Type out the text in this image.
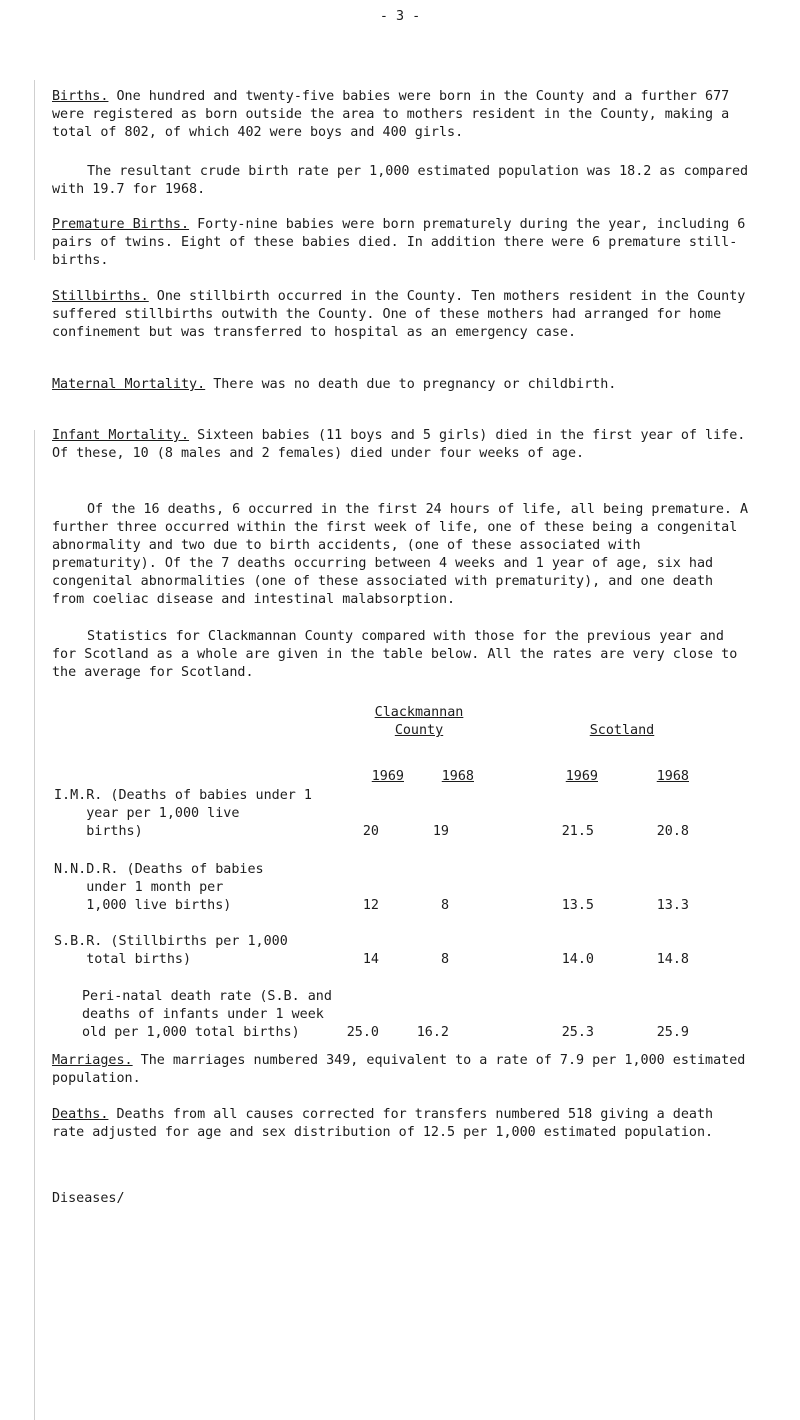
- 3 -

Births. One hundred and twenty-five babies were born in the County and a further 677 were registered as born outside the area to mothers resident in the County, making a total of 802, of which 402 were boys and 400 girls.

The resultant crude birth rate per 1,000 estimated population was 18.2 as compared with 19.7 for 1968.

Premature Births. Forty-nine babies were born prematurely during the year, including 6 pairs of twins. Eight of these babies died. In addition there were 6 premature still-births.

Stillbirths. One stillbirth occurred in the County. Ten mothers resident in the County suffered stillbirths outwith the County. One of these mothers had arranged for home confinement but was transferred to hospital as an emergency case.

Maternal Mortality. There was no death due to pregnancy or childbirth.

Infant Mortality. Sixteen babies (11 boys and 5 girls) died in the first year of life. Of these, 10 (8 males and 2 females) died under four weeks of age.

Of the 16 deaths, 6 occurred in the first 24 hours of life, all being premature. A further three occurred within the first week of life, one of these being a congenital abnormality and two due to birth accidents, (one of these associated with prematurity). Of the 7 deaths occurring between 4 weeks and 1 year of age, six had congenital abnormalities (one of these associated with prematurity), and one death from coeliac disease and intestinal malabsorption.

Statistics for Clackmannan County compared with those for the previous year and for Scotland as a whole are given in the table below. All the rates are very close to the average for Scotland.

Clackmannan
County	Scotland
1969	1968	1969	1968
I.M.R. (Deaths of babies under 1
year per 1,000 live
births)	20	19	21.5	20.8
N.N.D.R. (Deaths of babies
under 1 month per
1,000 live births)	12	8	13.5	13.3
S.B.R. (Stillbirths per 1,000
total births)	14	8	14.0	14.8
Peri-natal death rate (S.B. and
deaths of infants under 1 week
old per 1,000 total births)	25.0	16.2	25.3	25.9

Marriages. The marriages numbered 349, equivalent to a rate of 7.9 per 1,000 estimated population.

Deaths. Deaths from all causes corrected for transfers numbered 518 giving a death rate adjusted for age and sex distribution of 12.5 per 1,000 estimated population.

Diseases/
